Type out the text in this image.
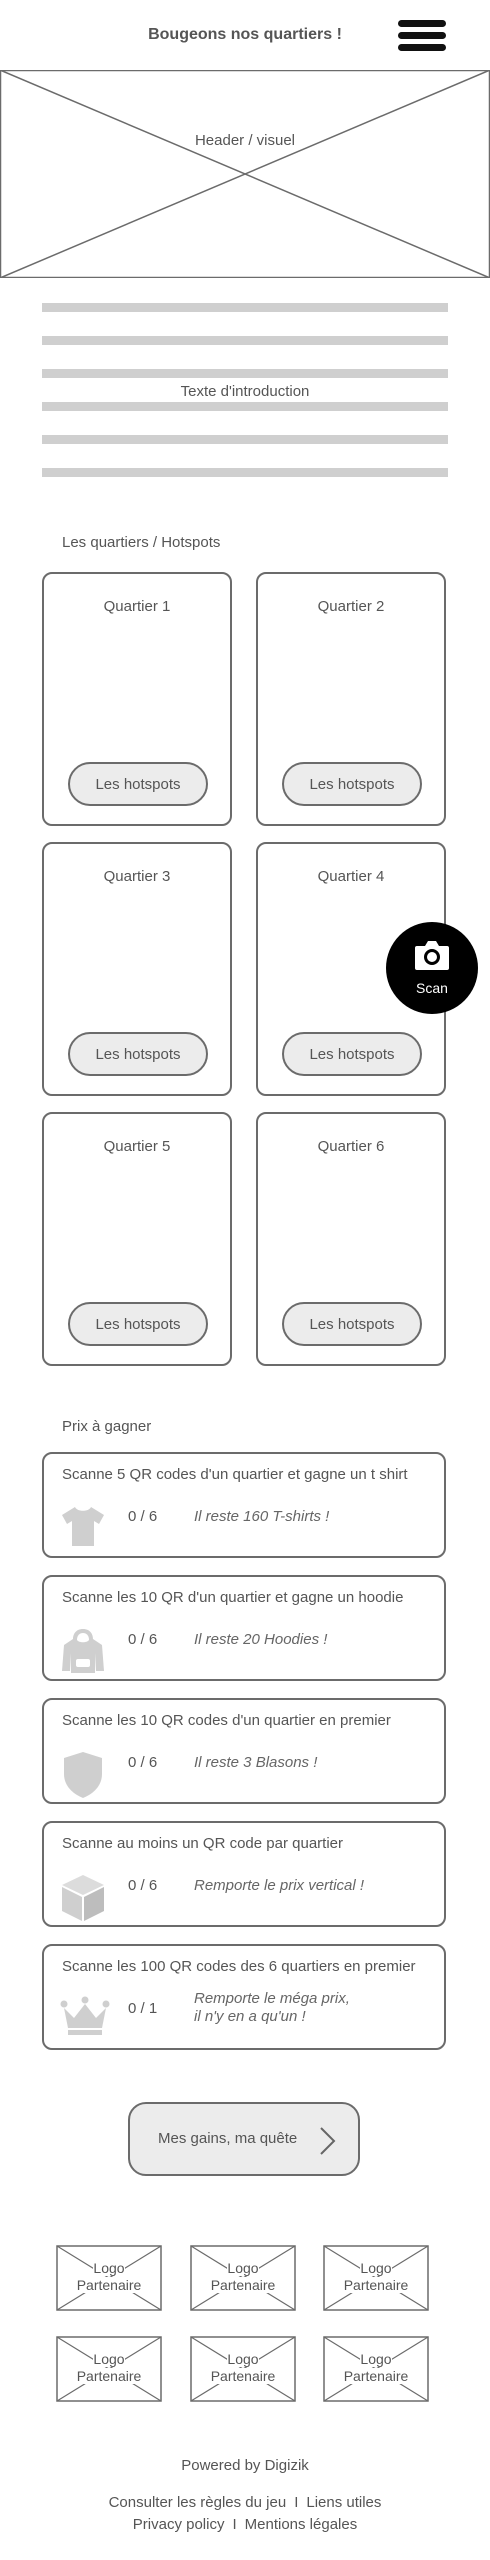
Bougeons nos quartiers !
Header / visuel
Texte d'introduction
Les quartiers / Hotspots
Quartier 1
Les hotspots
Quartier 2
Les hotspots
Quartier 3
Les hotspots
Quartier 4
Les hotspots
Quartier 5
Les hotspots
Quartier 6
Les hotspots
Scan
Prix à gagner
Scanne 5 QR codes d'un quartier et gagne un t shirt
0 / 6 Il reste 160 T-shirts !
Scanne les 10 QR d'un quartier et gagne un hoodie
0 / 6 Il reste 20 Hoodies !
Scanne les 10 QR codes d'un quartier en premier
0 / 6 Il reste 3 Blasons !
Scanne au moins un QR code par quartier
0 / 6 Remporte le prix vertical !
Scanne les 100 QR codes des 6 quartiers en premier
0 / 1
Remporte le méga prix,
il n'y en a qu'un !
Mes gains, ma quête
Logo
Partenaire
Logo
Partenaire
Logo
Partenaire
Logo
Partenaire
Logo
Partenaire
Logo
Partenaire
Powered by Digizik
Consulter les règles du jeu I Liens utiles
Privacy policy I Mentions légales
